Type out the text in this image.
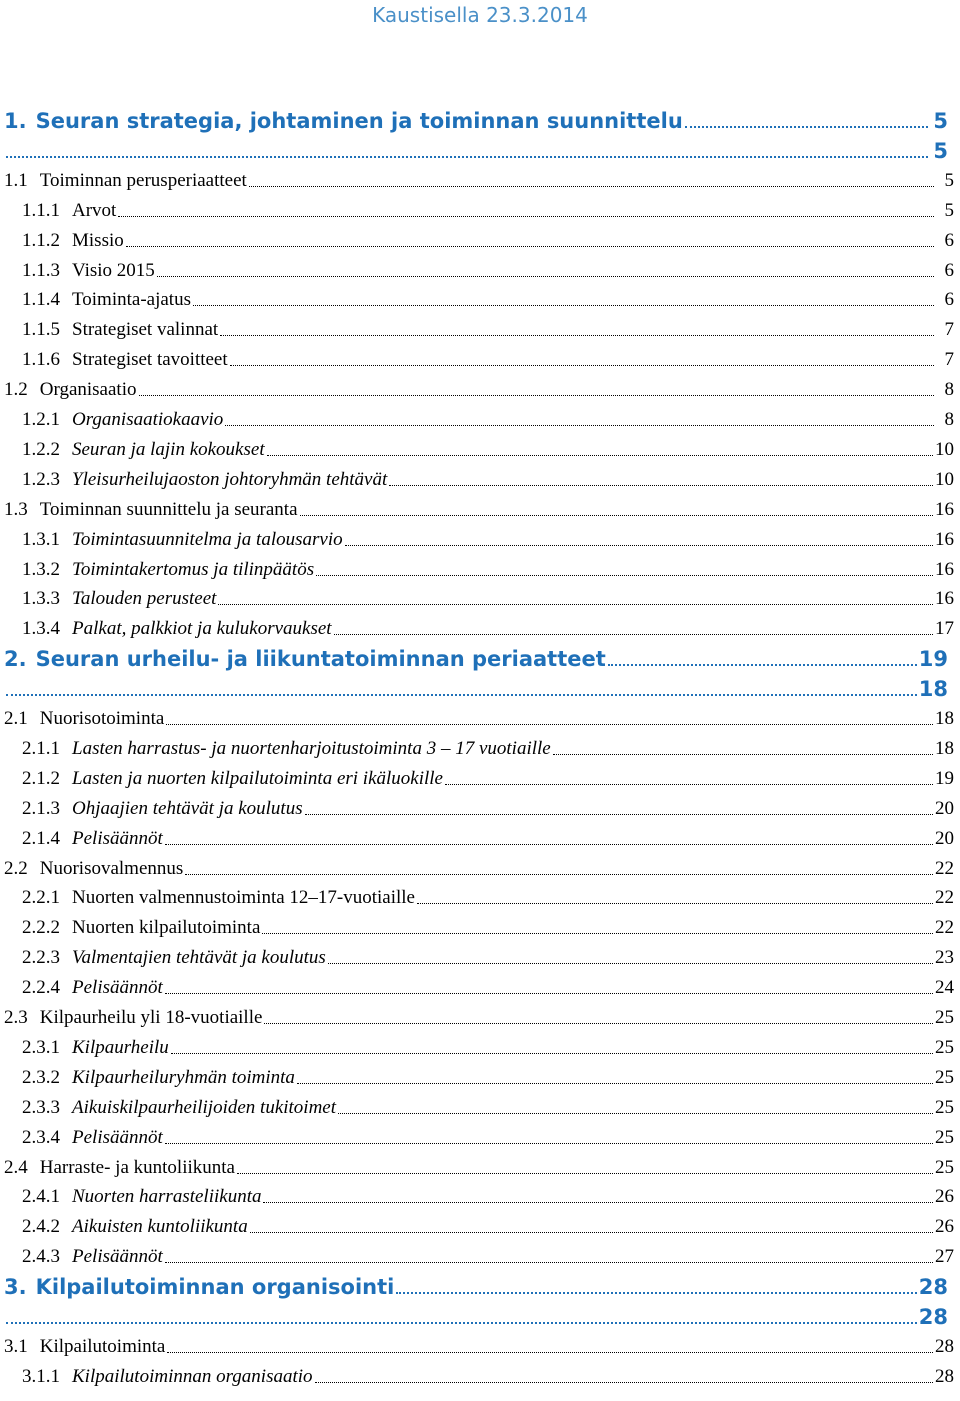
Kaustisella 23.3.2014
1. Seuran strategia, johtaminen ja toiminnan suunnittelu	5
5
1.1 Toiminnan perusperiaatteet	5
1.1.1 Arvot	5
1.1.2 Missio	6
1.1.3 Visio 2015	6
1.1.4 Toiminta-ajatus	6
1.1.5 Strategiset valinnat	7
1.1.6 Strategiset tavoitteet	7
1.2 Organisaatio	8
1.2.1 Organisaatiokaavio	8
1.2.2 Seuran ja lajin kokoukset	10
1.2.3 Yleisurheilujaoston johtoryhmän tehtävät	10
1.3 Toiminnan suunnittelu ja seuranta	16
1.3.1 Toimintasuunnitelma ja talousarvio	16
1.3.2 Toimintakertomus ja tilinpäätös	16
1.3.3 Talouden perusteet	16
1.3.4 Palkat, palkkiot ja kulukorvaukset	17
2. Seuran urheilu- ja liikuntatoiminnan periaatteet	19
18
2.1 Nuorisotoiminta	18
2.1.1 Lasten harrastus- ja nuortenharjoitustoiminta 3 – 17 vuotiaille	18
2.1.2 Lasten ja nuorten kilpailutoiminta eri ikäluokille	19
2.1.3 Ohjaajien tehtävät ja koulutus	20
2.1.4 Pelisäännöt	20
2.2 Nuorisovalmennus	22
2.2.1 Nuorten valmennustoiminta 12–17-vuotiaille	22
2.2.2 Nuorten kilpailutoiminta	22
2.2.3 Valmentajien tehtävät ja koulutus	23
2.2.4 Pelisäännöt	24
2.3 Kilpaurheilu yli 18-vuotiaille	25
2.3.1 Kilpaurheilu	25
2.3.2 Kilpaurheiluryhmän toiminta	25
2.3.3 Aikuiskilpaurheilijoiden tukitoimet	25
2.3.4 Pelisäännöt	25
2.4 Harraste- ja kuntoliikunta	25
2.4.1 Nuorten harrasteliikunta	26
2.4.2 Aikuisten kuntoliikunta	26
2.4.3 Pelisäännöt	27
3. Kilpailutoiminnan organisointi	28
28
3.1 Kilpailutoiminta	28
3.1.1 Kilpailutoiminnan organisaatio	28
